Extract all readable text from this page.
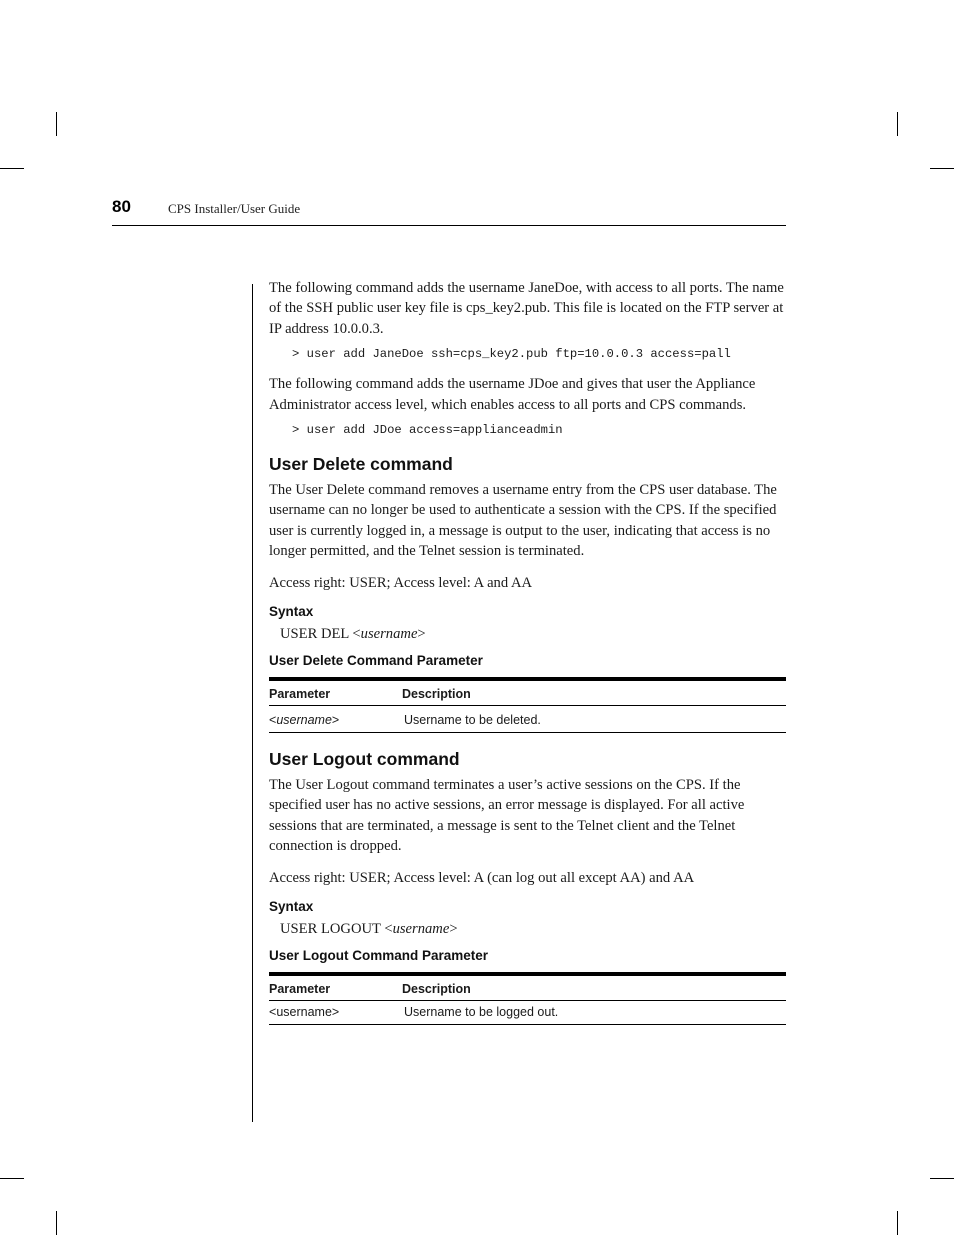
80	CPS Installer/User Guide

The following command adds the username JaneDoe, with access to all ports. The name of the SSH public user key file is cps_key2.pub. This file is located on the FTP server at IP address 10.0.0.3.

> user add JaneDoe ssh=cps_key2.pub ftp=10.0.0.3 access=pall

The following command adds the username JDoe and gives that user the Appliance Administrator access level, which enables access to all ports and CPS commands.

> user add JDoe access=applianceadmin
User Delete command

The User Delete command removes a username entry from the CPS user database. The username can no longer be used to authenticate a session with the CPS. If the specified user is currently logged in, a message is output to the user, indicating that access is no longer permitted, and the Telnet session is terminated.

Access right: USER; Access level: A and AA

Syntax
USER DEL <username>
User Delete Command Parameter
Parameter	Description
<username>	Username to be deleted.
User Logout command

The User Logout command terminates a user’s active sessions on the CPS. If the specified user has no active sessions, an error message is displayed. For all active sessions that are terminated, a message is sent to the Telnet client and the Telnet connection is dropped.

Access right: USER; Access level: A (can log out all except AA) and AA

Syntax
USER LOGOUT <username>
User Logout Command Parameter
Parameter	Description
<username>	Username to be logged out.
